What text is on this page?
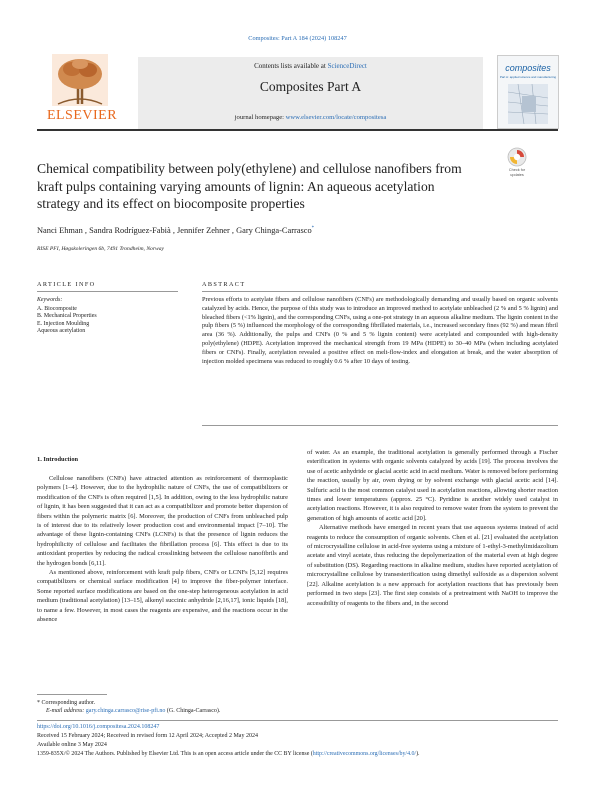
Composites: Part A 184 (2024) 108247
ELSEVIER
Contents lists available at ScienceDirect
Composites Part A
journal homepage: www.elsevier.com/locate/compositesa
composites
Part A: applied science and manufacturing
Chemical compatibility between poly(ethylene) and cellulose nanofibers from kraft pulps containing varying amounts of lignin: An aqueous acetylation strategy and its effect on biocomposite properties
Check for updates
Nanci Ehman , Sandra Rodríguez-Fabià , Jennifer Zehner , Gary Chinga-Carrasco*
RISE PFI, Høgskoleringen 6b, 7491 Trondheim, Norway
ARTICLE INFO
Keywords:
A. Biocomposite
B. Mechanical Properties
E. Injection Moulding
Aqueous acetylation
ABSTRACT
Previous efforts to acetylate fibers and cellulose nanofibers (CNFs) are methodologically demanding and usually based on organic solvents catalyzed by acids. Hence, the purpose of this study was to introduce an improved method to acetylate unbleached (2 % and 5 % lignin) and bleached fibers (<1% lignin), and the corresponding CNFs, using a one-pot strategy in an aqueous alkaline medium. The lignin content in the pulp fibers (5 %) influenced the morphology of the corresponding fibrillated materials, i.e., increased secondary fines (92 %) and mean fibril area (36 %). Additionally, the pulps and CNFs (0 % and 5 % lignin content) were acetylated and compounded with high-density poly(ethylene) (HDPE). Acetylation improved the mechanical strength from 19 MPa (HDPE) to 30–40 MPa (when including acetylated fibers or CNFs). Finally, acetylation revealed a positive effect on melt-flow-index and elongation at break, and the water absorption of injection molded specimens was reduced to roughly 0.6 % after 10 days of testing.
1. Introduction

Cellulose nanofibers (CNFs) have attracted attention as reinforcement of thermoplastic polymers [1–4]. However, due to the hydrophilic nature of CNFs, the use of compatibilizers or modification of the CNFs is often required [1,5]. In addition, owing to the less hydrophilic nature of lignin, it has been suggested that it can act as a compatibilizer and promote better dispersion of fibers within the polymeric matrix [6]. Moreover, the production of CNFs from unbleached pulp is of interest due to its relatively lower production cost and environmental impact [7–10]. The advantage of these lignin-containing CNFs (LCNFs) is that the presence of lignin reduces the hydrophilicity of cellulose and facilitates the fibrillation process [6]. This effect is due to its antioxidant properties by reducing the radical crosslinking between the cellulose nanofibrils and the hydrogen bonds [6,11].

As mentioned above, reinforcement with kraft pulp fibers, CNFs or LCNFs [5,12] requires compatibilizers or chemical surface modification [4] to improve the fiber-polymer interface. Some reported surface modifications are based on the one-step heterogeneous acetylation in acid medium (traditional acetylation) [13–15], alkenyl succinic anhydride [2,16,17], ionic liquids [18], to name a few. However, in most cases the reagents are expensive, and the reactions occur in the absence

of water. As an example, the traditional acetylation is generally performed through a Fischer esterification in systems with organic solvents catalyzed by acids [19]. The process involves the use of acetic anhydride or glacial acetic acid in acid medium. Water is removed before performing the reaction, usually by air, oven drying or by solvent exchange with glacial acetic acid [14]. Sulfuric acid is the most common catalyst used in acetylation reactions, allowing shorter reaction times and lower temperatures (approx. 25 °C). Pyridine is another widely used catalyst in acetylation reactions. However, it is also required to remove water from the system to prevent the generation of high amounts of acetic acid [20].

Alternative methods have emerged in recent years that use aqueous systems instead of acid reagents to reduce the consumption of organic solvents. Chen et al. [21] evaluated the acetylation of microcrystalline cellulose in acid-free systems using a mixture of 1-ethyl-3-methylimidazolium acetate and vinyl acetate, thus reducing the depolymerization of the material even at high degree of substitution (DS). Regarding reactions in alkaline medium, studies have reported acetylation of microcrystalline cellulose by transesterification using dimethyl sulfoxide as a dispersion solvent [22]. Alkaline acetylation is a new approach for acetylation reactions that has previously been performed in two steps [23]. The first step consists of a pretreatment with NaOH to improve the accessibility of reagents to the fibers and, in the second

* Corresponding author.
E-mail address: gary.chinga.carrasco@rise-pfi.no (G. Chinga-Carrasco).
https://doi.org/10.1016/j.compositesa.2024.108247
Received 15 February 2024; Received in revised form 12 April 2024; Accepted 2 May 2024
Available online 3 May 2024
1359-835X/© 2024 The Authors. Published by Elsevier Ltd. This is an open access article under the CC BY license (http://creativecommons.org/licenses/by/4.0/).
